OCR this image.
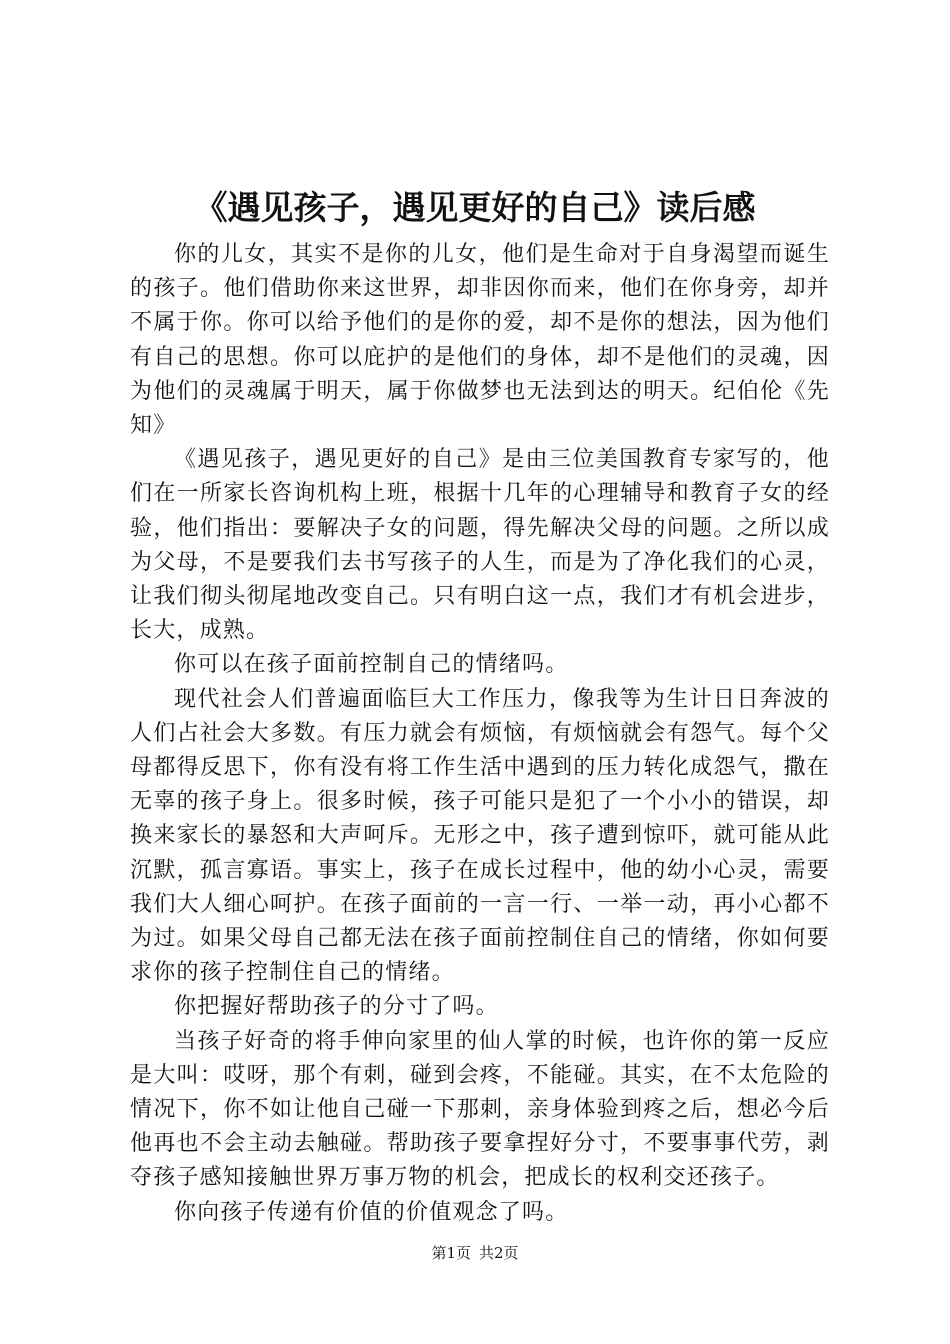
《遇见孩子，遇见更好的自己》读后感

你的儿女，其实不是你的儿女，他们是生命对于自身渴望而诞生的孩子。他们借助你来这世界，却非因你而来，他们在你身旁，却并不属于你。你可以给予他们的是你的爱，却不是你的想法，因为他们有自己的思想。你可以庇护的是他们的身体，却不是他们的灵魂，因为他们的灵魂属于明天，属于你做梦也无法到达的明天。纪伯伦《先知》

《遇见孩子，遇见更好的自己》是由三位美国教育专家写的，他们在一所家长咨询机构上班，根据十几年的心理辅导和教育子女的经验，他们指出：要解决子女的问题，得先解决父母的问题。之所以成为父母，不是要我们去书写孩子的人生，而是为了净化我们的心灵，让我们彻头彻尾地改变自己。只有明白这一点，我们才有机会进步，长大，成熟。

你可以在孩子面前控制自己的情绪吗。

现代社会人们普遍面临巨大工作压力，像我等为生计日日奔波的人们占社会大多数。有压力就会有烦恼，有烦恼就会有怨气。每个父母都得反思下，你有没有将工作生活中遇到的压力转化成怨气，撒在无辜的孩子身上。很多时候，孩子可能只是犯了一个小小的错误，却换来家长的暴怒和大声呵斥。无形之中，孩子遭到惊吓，就可能从此沉默，孤言寡语。事实上，孩子在成长过程中，他的幼小心灵，需要我们大人细心呵护。在孩子面前的一言一行、一举一动，再小心都不为过。如果父母自己都无法在孩子面前控制住自己的情绪，你如何要求你的孩子控制住自己的情绪。

你把握好帮助孩子的分寸了吗。

当孩子好奇的将手伸向家里的仙人掌的时候，也许你的第一反应是大叫：哎呀，那个有刺，碰到会疼，不能碰。其实，在不太危险的情况下，你不如让他自己碰一下那刺，亲身体验到疼之后，想必今后他再也不会主动去触碰。帮助孩子要拿捏好分寸，不要事事代劳，剥夺孩子感知接触世界万事万物的机会，把成长的权利交还孩子。

你向孩子传递有价值的价值观念了吗。

第1页 共2页
